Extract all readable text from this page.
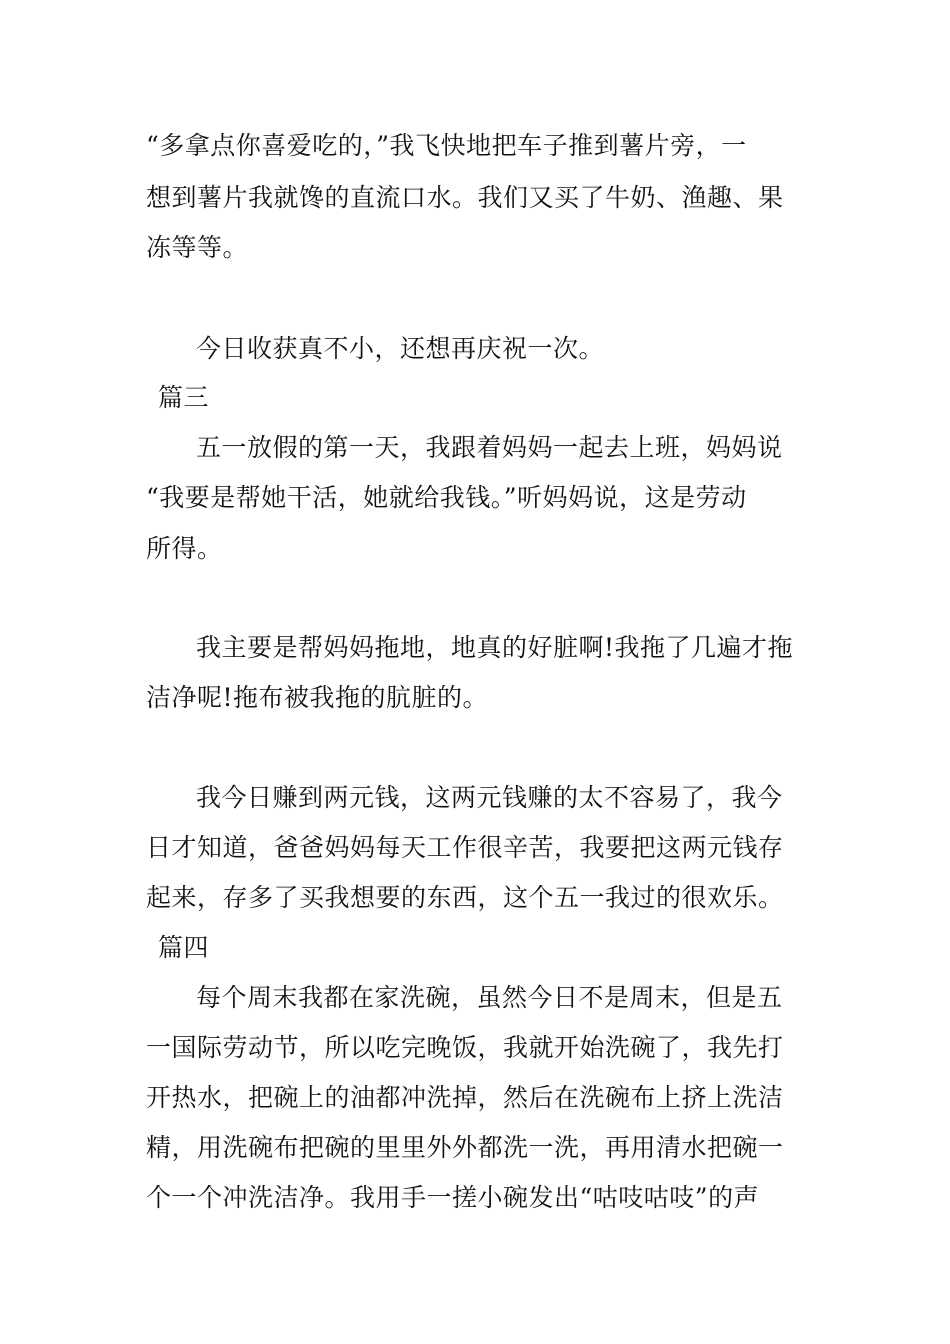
“多拿点你喜爱吃的，”我飞快地把车子推到薯片旁，一
想到薯片我就馋的直流口水。我们又买了牛奶、渔趣、果
冻等等。
今日收获真不小，还想再庆祝一次。
篇三
五一放假的第一天，我跟着妈妈一起去上班，妈妈说
“我要是帮她干活，她就给我钱。”听妈妈说，这是劳动
所得。
我主要是帮妈妈拖地，地真的好脏啊!我拖了几遍才拖
洁净呢!拖布被我拖的肮脏的。
我今日赚到两元钱，这两元钱赚的太不容易了，我今
日才知道，爸爸妈妈每天工作很辛苦，我要把这两元钱存
起来，存多了买我想要的东西，这个五一我过的很欢乐。
篇四
每个周末我都在家洗碗，虽然今日不是周末，但是五
一国际劳动节，所以吃完晚饭，我就开始洗碗了，我先打
开热水，把碗上的油都冲洗掉，然后在洗碗布上挤上洗洁
精，用洗碗布把碗的里里外外都洗一洗，再用清水把碗一
个一个冲洗洁净。我用手一搓小碗发出“咕吱咕吱”的声
